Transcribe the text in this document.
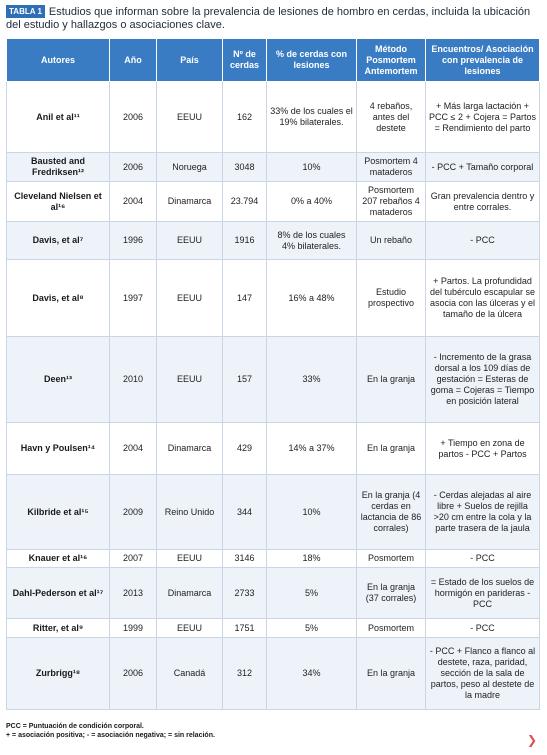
TABLA 1 Estudios que informan sobre la prevalencia de lesiones de hombro en cerdas, incluida la ubicación del estudio y hallazgos o asociaciones clave.
Autores	Año	País	Nº de cerdas	% de cerdas con lesiones	Método Posmortem Antemortem	Encuentros/ Asociación con prevalencia de lesiones
Anil et al¹¹	2006	EEUU	162	33% de los cuales el 19% bilaterales.	4 rebaños, antes del destete	+ Más larga lactación + PCC ≤ 2 + Cojera = Partos = Rendimiento del parto
Bausted and Fredriksen¹²	2006	Noruega	3048	10%	Posmortem 4 mataderos	- PCC + Tamaño corporal
Cleveland Nielsen et al¹⁶	2004	Dinamarca	23.794	0% a 40%	Posmortem 207 rebaños 4 mataderos	Gran prevalencia dentro y entre corrales.
Davis, et al⁷	1996	EEUU	1916	8% de los cuales 4% bilaterales.	Un rebaño	- PCC
Davis, et al⁸	1997	EEUU	147	16% a 48%	Estudio prospectivo	+ Partos. La profundidad del tubérculo escapular se asocia con las úlceras y el tamaño de la úlcera
Deen¹³	2010	EEUU	157	33%	En la granja	- Incremento de la grasa dorsal a los 109 días de gestación = Esteras de goma = Cojeras = Tiempo en posición lateral
Havn y Poulsen¹⁴	2004	Dinamarca	429	14% a 37%	En la granja	+ Tiempo en zona de partos - PCC + Partos
Kilbride et al¹⁵	2009	Reino Unido	344	10%	En la granja (4 cerdas en lactancia de 86 corrales)	- Cerdas alejadas al aire libre + Suelos de rejilla >20 cm entre la cola y la parte trasera de la jaula
Knauer et al¹⁶	2007	EEUU	3146	18%	Posmortem	- PCC
Dahl-Pederson et al¹⁷	2013	Dinamarca	2733	5%	En la granja (37 corrales)	= Estado de los suelos de hormigón en parideras - PCC
Ritter, et al⁹	1999	EEUU	1751	5%	Posmortem	- PCC
Zurbrigg¹⁸	2006	Canadá	312	34%	En la granja	- PCC + Flanco a flanco al destete, raza, paridad, sección de la sala de partos, peso al destete de la madre
PCC = Puntuación de condición corporal.
+ = asociación positiva; - = asociación negativa; = sin relación.	❯
